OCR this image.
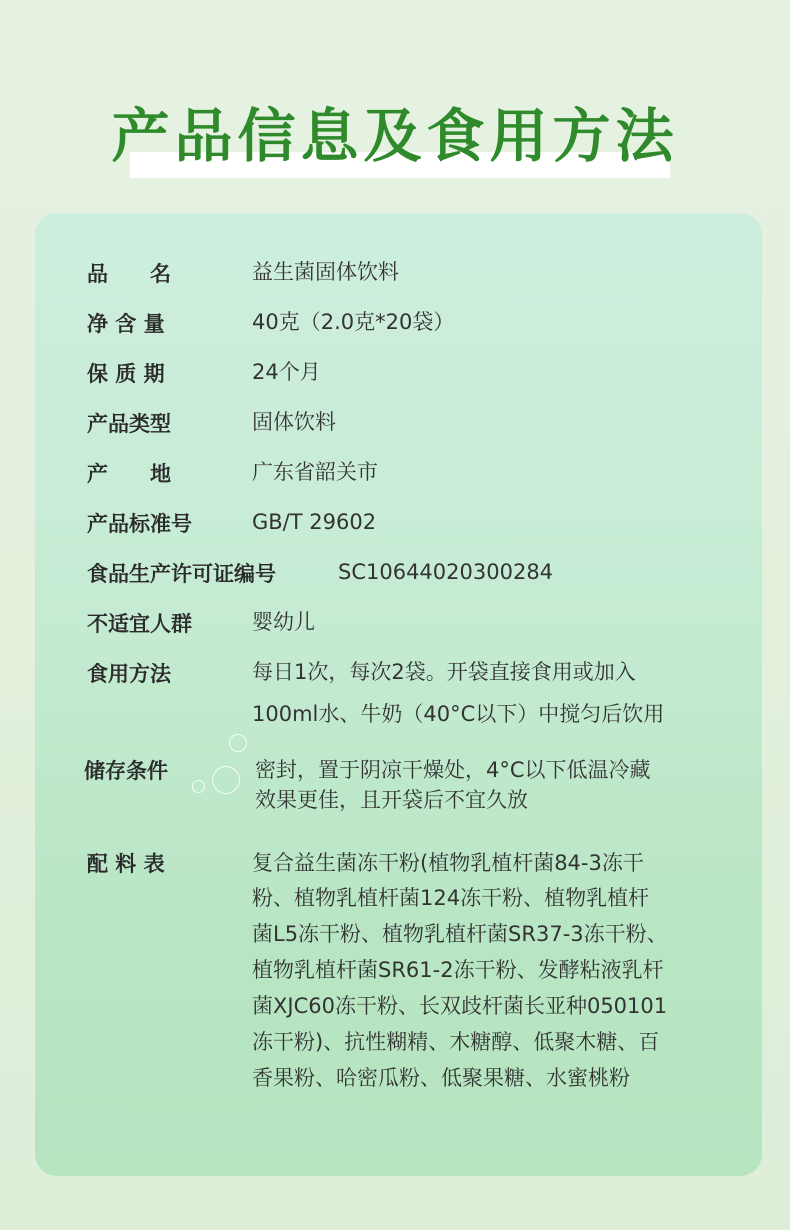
产品信息及食用方法
品　　名	益生菌固体饮料
净 含 量	40克（2.0克*20袋）
保 质 期	24个月
产品类型	固体饮料
产　　地	广东省韶关市
产品标准号	GB/T 29602
食品生产许可证编号	SC10644020300284
不适宜人群	婴幼儿
食用方法	每日1次，每次2袋。开袋直接食用或加入
100ml水、牛奶（40°C以下）中搅匀后饮用
储存条件	密封，置于阴凉干燥处，4°C以下低温冷藏
效果更佳，且开袋后不宜久放
配 料 表	复合益生菌冻干粉(植物乳植杆菌84-3冻干
粉、植物乳植杆菌124冻干粉、植物乳植杆
菌L5冻干粉、植物乳植杆菌SR37-3冻干粉、
植物乳植杆菌SR61-2冻干粉、发酵粘液乳杆
菌XJC60冻干粉、长双歧杆菌长亚种050101
冻干粉)、抗性糊精、木糖醇、低聚木糖、百
香果粉、哈密瓜粉、低聚果糖、水蜜桃粉
